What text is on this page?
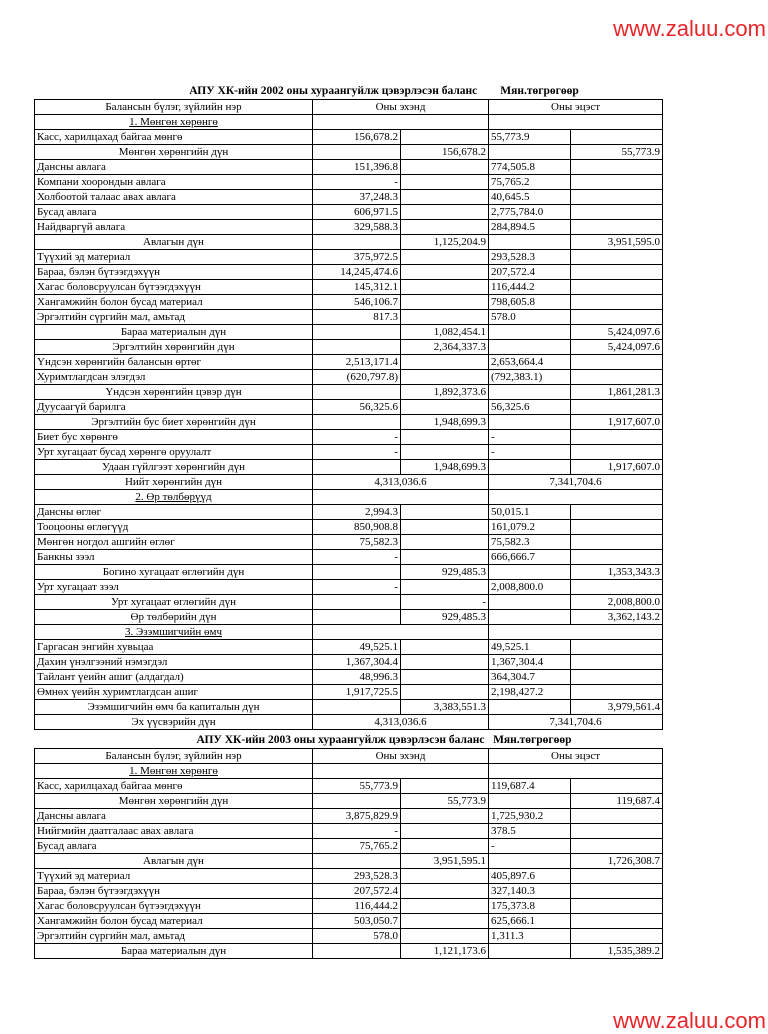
www.zaluu.com
АПУ ХК-ийн 2002 оны хураангуйлж цэвэрлэсэн баланс        Мян.төгрөгөөр
Балансын бүлэг, зүйлийн нэр	Оны эхэнд		Оны эцэст	
1. Мөнгөн хөрөнгө				
Касс, харилцахад байгаа мөнгө	156,678.2		55,773.9	
Мөнгөн хөрөнгийн дүн		156,678.2		55,773.9
Дансны авлага	151,396.8		774,505.8	
Компани хоорондын авлага	-		75,765.2	
Холбоотой талаас авах авлага	37,248.3		40,645.5	
Бусад авлага	606,971.5		2,775,784.0	
Найдваргүй авлага	329,588.3		284,894.5	
Авлагын дүн		1,125,204.9		3,951,595.0
Түүхий эд материал	375,972.5		293,528.3	
Бараа, бэлэн бүтээгдэхүүн	14,245,474.6		207,572.4	
Хагас боловсруулсан бүтээгдэхүүн	145,312.1		116,444.2	
Хангамжийн болон бусад материал	546,106.7		798,605.8	
Эргэлтийн сүргийн мал, амьтад	817.3		578.0	
Бараа материалын дүн		1,082,454.1		5,424,097.6
Эргэлтийн хөрөнгийн дүн		2,364,337.3		5,424,097.6
Үндсэн хөрөнгийн балансын өртөг	2,513,171.4		2,653,664.4	
Хуримтлагдсан элэгдэл	(620,797.8)		(792,383.1)	
Үндсэн хөрөнгийн цэвэр дүн		1,892,373.6		1,861,281.3
Дуусаагүй барилга	56,325.6		56,325.6	
Эргэлтийн бус биет хөрөнгийн дүн		1,948,699.3		1,917,607.0
Биет бус хөрөнгө	-		-	
Урт хугацаат бусад хөрөнгө оруулалт	-		-	
Удаан гүйлгээт хөрөнгийн дүн		1,948,699.3		1,917,607.0
Нийт хөрөнгийн дүн	4,313,036.6		7,341,704.6	
2. Өр төлбөрүүд				
Дансны өглөг	2,994.3		50,015.1	
Тооцооны өглөгүүд	850,908.8		161,079.2	
Мөнгөн ногдол ашгийн өглөг	75,582.3		75,582.3	
Банкны зээл	-		666,666.7	
Богино хугацаат өглөгийн дүн		929,485.3		1,353,343.3
Урт хугацаат зээл	-		2,008,800.0	
Урт хугацаат өглөгийн дүн		-		2,008,800.0
Өр төлбөрийн дүн		929,485.3		3,362,143.2
3. Эзэмшигчийн өмч				
Гаргасан энгийн хувьцаа	49,525.1		49,525.1	
Дахин үнэлгээний нэмэгдэл	1,367,304.4		1,367,304.4	
Тайлант үеийн ашиг (алдагдал)	48,996.3		364,304.7	
Өмнөх үеийн хуримтлагдсан ашиг	1,917,725.5		2,198,427.2	
Эзэмшигчийн өмч ба капиталын дүн		3,383,551.3		3,979,561.4
Эх үүсвэрийн дүн	4,313,036.6		7,341,704.6	
АПУ ХК-ийн 2003 оны хураангуйлж цэвэрлэсэн баланс   Мян.төгрөгөөр
Балансын бүлэг, зүйлийн нэр	Оны эхэнд		Оны эцэст	
1. Мөнгөн хөрөнгө				
Касс, харилцахад байгаа мөнгө	55,773.9		119,687.4	
Мөнгөн хөрөнгийн дүн		55,773.9		119,687.4
Дансны авлага	3,875,829.9		1,725,930.2	
Нийгмийн даатгалаас авах авлага	-		378.5	
Бусад авлага	75,765.2		-	
Авлагын дүн		3,951,595.1		1,726,308.7
Түүхий эд материал	293,528.3		405,897.6	
Бараа, бэлэн бүтээгдэхүүн	207,572.4		327,140.3	
Хагас боловсруулсан бүтээгдэхүүн	116,444.2		175,373.8	
Хангамжийн болон бусад материал	503,050.7		625,666.1	
Эргэлтийн сүргийн мал, амьтад	578.0		1,311.3	
Бараа материалын дүн		1,121,173.6		1,535,389.2
www.zaluu.com
